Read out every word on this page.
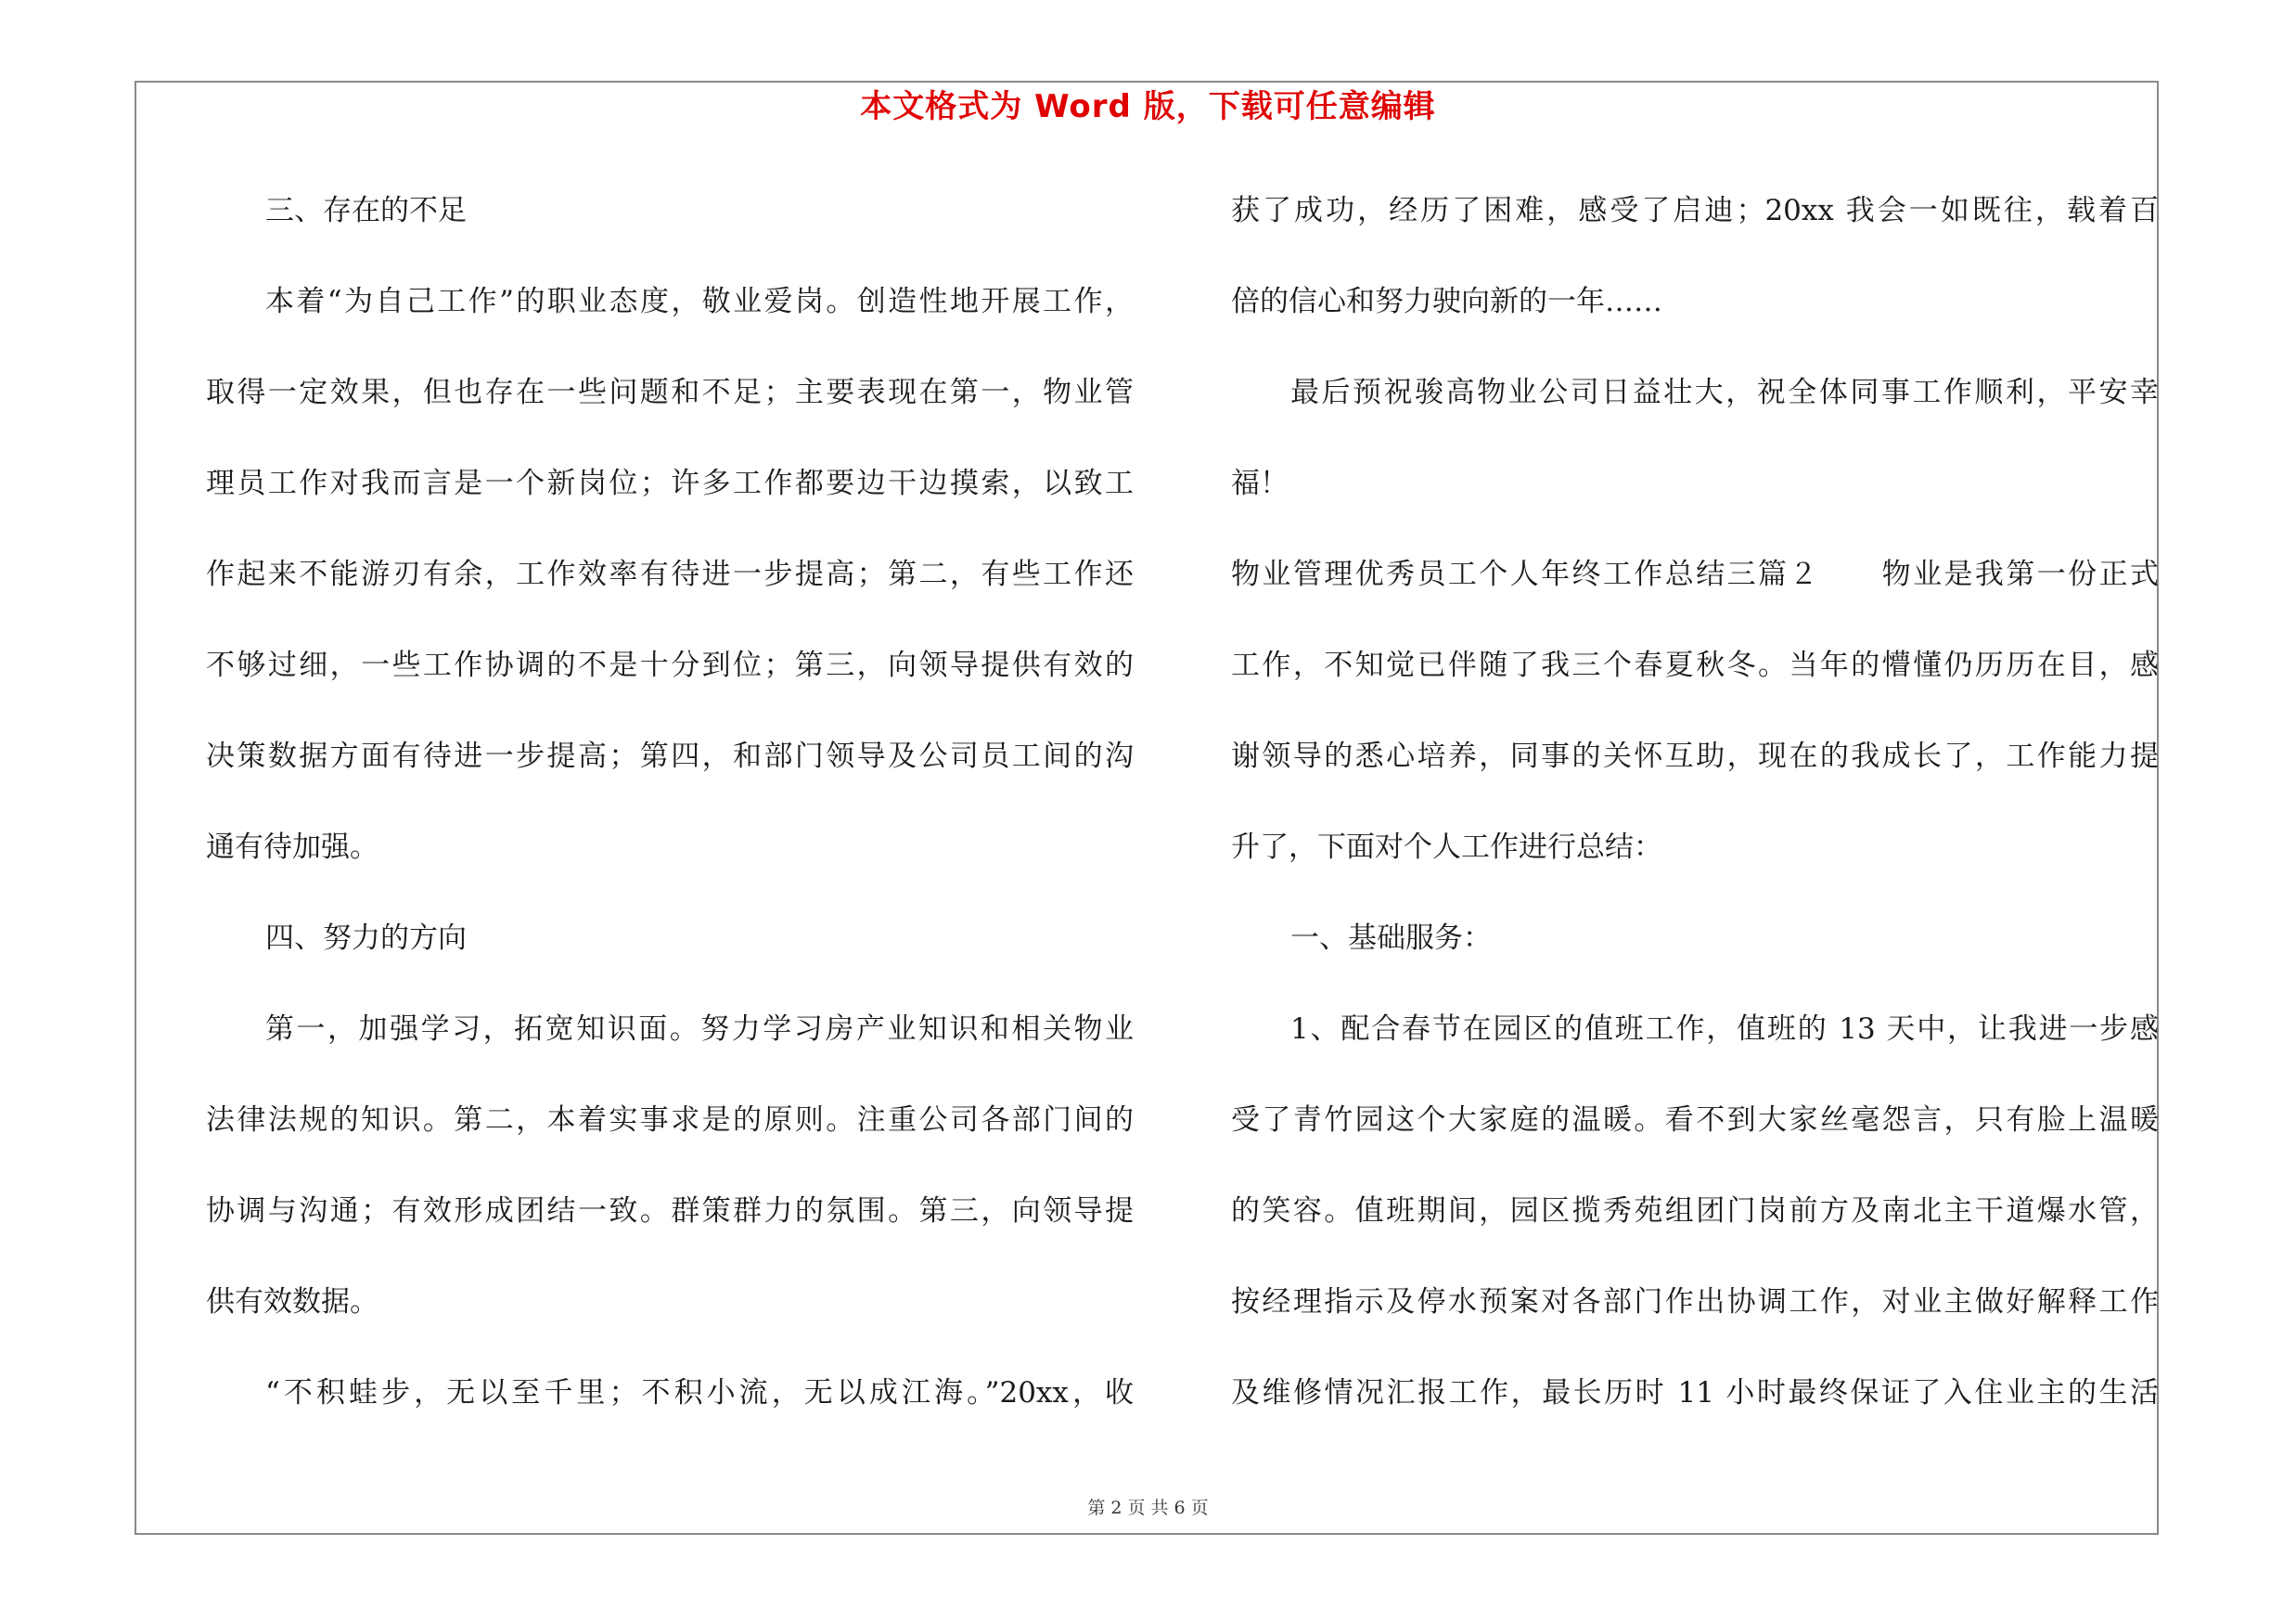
本文格式为 Word 版，下载可任意编辑
三、存在的不足
本着“为自己工作”的职业态度，敬业爱岗。创造性地开展工作，
取得一定效果，但也存在一些问题和不足；主要表现在第一，物业管
理员工作对我而言是一个新岗位；许多工作都要边干边摸索，以致工
作起来不能游刃有余，工作效率有待进一步提高；第二，有些工作还
不够过细，一些工作协调的不是十分到位；第三，向领导提供有效的
决策数据方面有待进一步提高；第四，和部门领导及公司员工间的沟
通有待加强。
四、努力的方向
第一，加强学习，拓宽知识面。努力学习房产业知识和相关物业
法律法规的知识。第二，本着实事求是的原则。注重公司各部门间的
协调与沟通；有效形成团结一致。群策群力的氛围。第三，向领导提
供有效数据。
“不积蛙步，无以至千里；不积小流，无以成江海。”20xx，收
获了成功，经历了困难，感受了启迪；20xx 我会一如既往，载着百
倍的信心和努力驶向新的一年……
最后预祝骏高物业公司日益壮大，祝全体同事工作顺利，平安幸
福！
物业管理优秀员工个人年终工作总结三篇２　　物业是我第一份正式
工作，不知觉已伴随了我三个春夏秋冬。当年的懵懂仍历历在目，感
谢领导的悉心培养，同事的关怀互助，现在的我成长了，工作能力提
升了，下面对个人工作进行总结：
一、基础服务：
1、配合春节在园区的值班工作，值班的 13 天中，让我进一步感
受了青竹园这个大家庭的温暖。看不到大家丝毫怨言，只有脸上温暖
的笑容。值班期间，园区揽秀苑组团门岗前方及南北主干道爆水管，
按经理指示及停水预案对各部门作出协调工作，对业主做好解释工作
及维修情况汇报工作，最长历时 11 小时最终保证了入住业主的生活
第 2 页 共 6 页
